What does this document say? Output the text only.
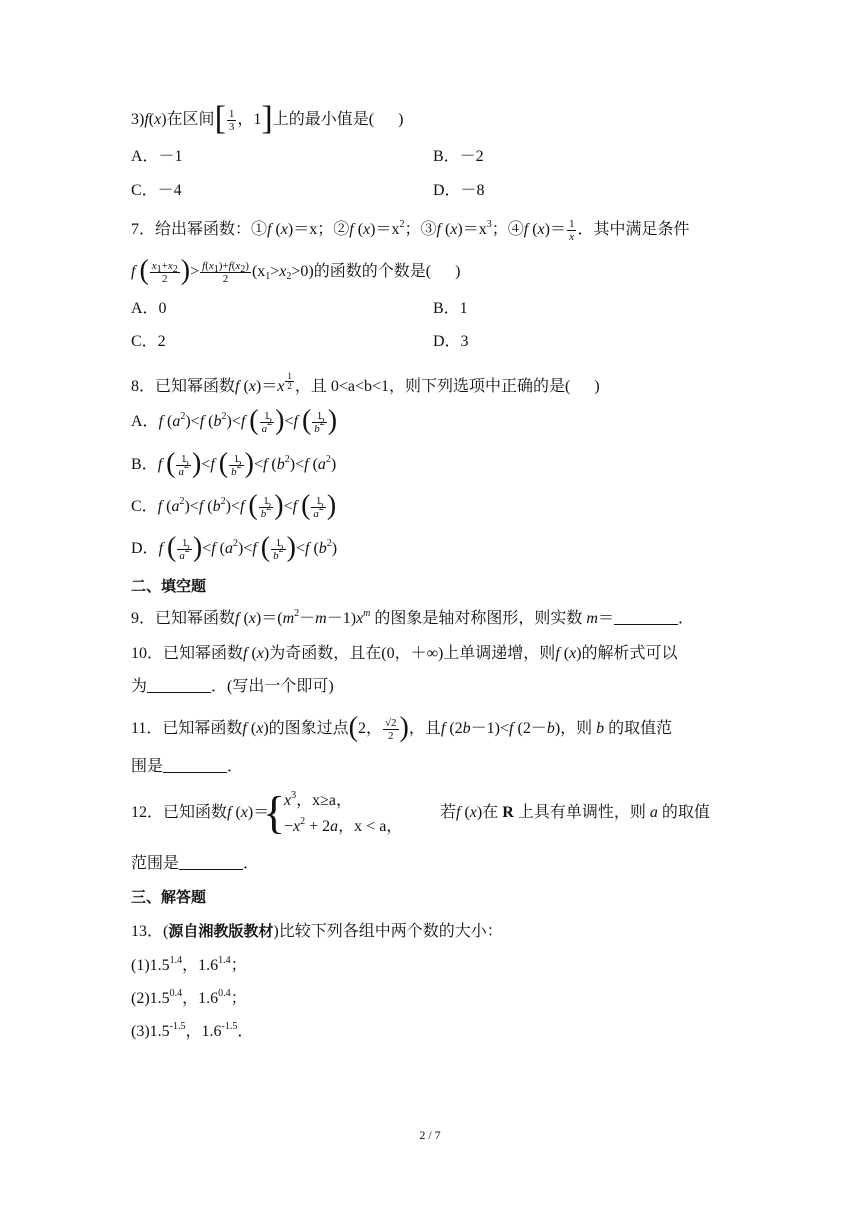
3)f(x)在区间[ $\frac{1}{3}$ ，1]上的最小值是( )
A．－1	B．－2
C．－4	D．－8
7．给出幂函数：①f (x)＝x；②f $(x)=x^2$；③f $(x)=x^3$；④f $(x)= \frac{1}{x}$ ．其中满足条件
f ( $\frac{x_1+x_2}{2}$ )> $\frac{f(x_1)+f(x_2)}{2} (x_1>x_2>0)$的函数的个数是( )
A．0	B．1
C．2	D．3
8．已知幂函数f (x)＝x $^{\frac{1}{2}}$ ，且 0<a<b<1，则下列选项中正确的是( )
A．f $(a^2)<f$ $(b^2)<f$ ( $\frac{1}{a^2} )<f$ ( $\frac{1}{b^2}$ )
B．f ( $\frac{1}{a^2} )<f$ ( $\frac{1}{b^2} )<f$ $(b^2)<f$ $(a^2)$
C．f $(a^2)<f$ $(b^2)<f$ ( $\frac{1}{b^2} )<f$ ( $\frac{1}{a^2}$ )
D．f ( $\frac{1}{a^2} )<f$ $(a^2)<f$ ( $\frac{1}{b^2} )<f$ $(b^2)$
二、填空题
9．已知幂函数f $(x)=(m^2-m-1)x^m$ 的图象是轴对称图形，则实数 m＝	．
10．已知幂函数f (x)为奇函数，且在(0，＋∞)上单调递增，则f (x)的解析式可以
为	．(写出一个即可)
11．已知幂函数f (x)的图象过点(2， $\frac{√2}{2}$ )，且f (2b－1)<f (2－b)，则 b 的取值范
围是	．
12．已知函数f (x)＝
{
$x^3$，x≥a，
$-x^2 + 2a$，x < a，
若f (x)在 R 上具有单调性，则 a 的取值
范围是	．
三、解答题
13．(源自湘教版教材)比较下列各组中两个数的大小：
$(1)1.5^{1.4}$，$1.6^{1.4}$；
$(2)1.5^{0.4}$，$1.6^{0.4}$；
$(3)1.5^{-1.5}$，$1.6^{-1.5}$．
2 / 7
